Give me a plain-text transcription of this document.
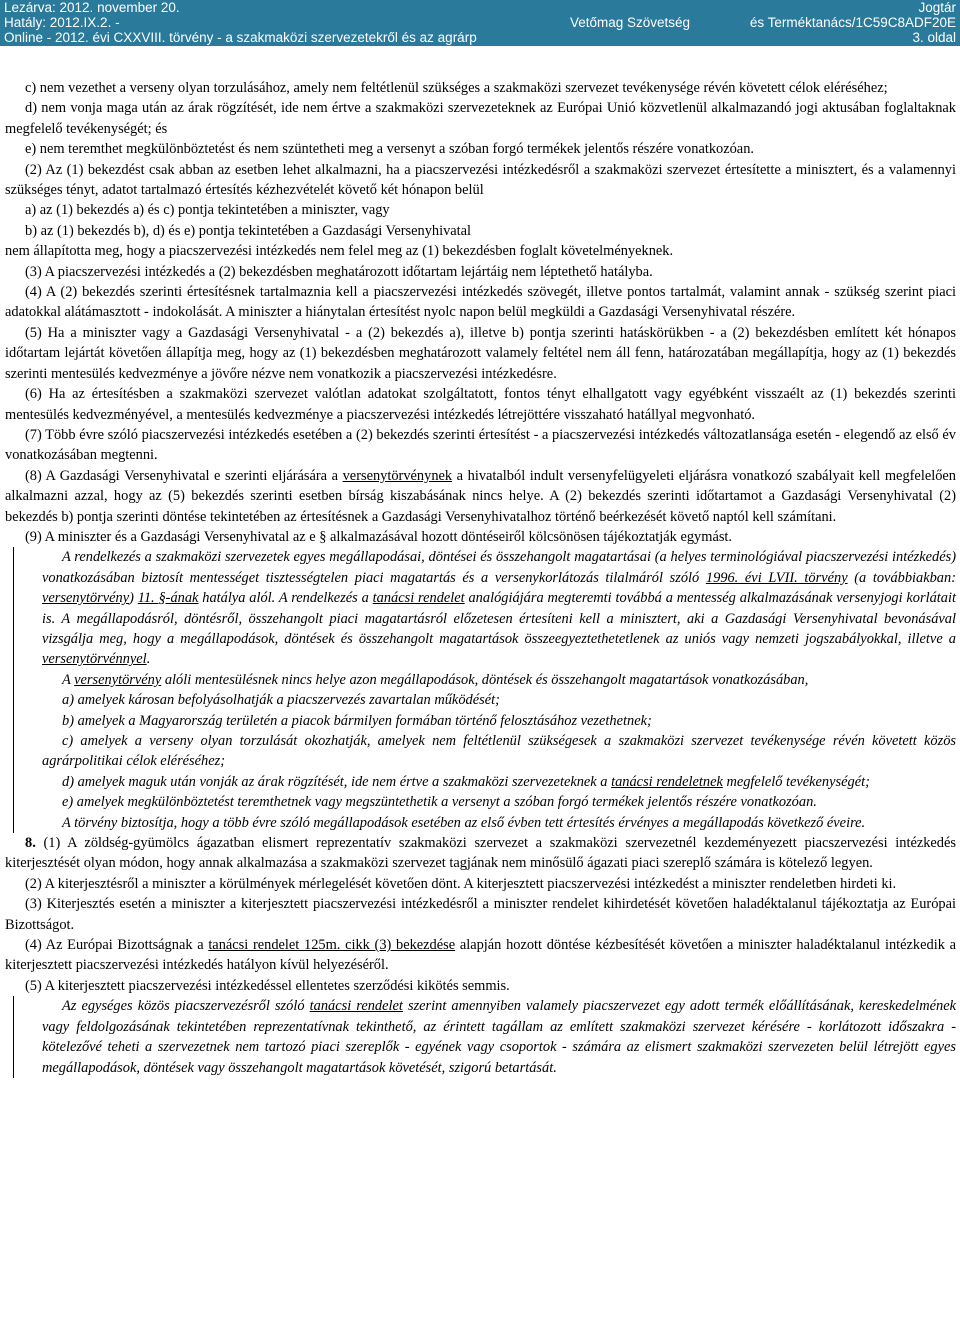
Lezárva: 2012. november 20.
Hatály: 2012.IX.2. -
Online - 2012. évi CXXVIII. törvény - a szakmaközi szervezetekről és az agrárp
Vetőmag Szövetség
Jogtár
és Terméktanács/1C59C8ADF20E
3. oldal

c) nem vezethet a verseny olyan torzulásához, amely nem feltétlenül szükséges a szakmaközi szervezet tevékenysége révén követett célok eléréséhez;

d) nem vonja maga után az árak rögzítését, ide nem értve a szakmaközi szervezeteknek az Európai Unió közvetlenül alkalmazandó jogi aktusában foglaltaknak megfelelő tevékenységét; és

e) nem teremthet megkülönböztetést és nem szüntetheti meg a versenyt a szóban forgó termékek jelentős részére vonatkozóan.

(2) Az (1) bekezdést csak abban az esetben lehet alkalmazni, ha a piacszervezési intézkedésről a szakmaközi szervezet értesítette a minisztert, és a valamennyi szükséges tényt, adatot tartalmazó értesítés kézhezvételét követő két hónapon belül

a) az (1) bekezdés a) és c) pontja tekintetében a miniszter, vagy

b) az (1) bekezdés b), d) és e) pontja tekintetében a Gazdasági Versenyhivatal

nem állapította meg, hogy a piacszervezési intézkedés nem felel meg az (1) bekezdésben foglalt követelményeknek.

(3) A piacszervezési intézkedés a (2) bekezdésben meghatározott időtartam lejártáig nem léptethető hatályba.

(4) A (2) bekezdés szerinti értesítésnek tartalmaznia kell a piacszervezési intézkedés szövegét, illetve pontos tartalmát, valamint annak - szükség szerint piaci adatokkal alátámasztott - indokolását. A miniszter a hiánytalan értesítést nyolc napon belül megküldi a Gazdasági Versenyhivatal részére.

(5) Ha a miniszter vagy a Gazdasági Versenyhivatal - a (2) bekezdés a), illetve b) pontja szerinti hatáskörükben - a (2) bekezdésben említett két hónapos időtartam lejártát követően állapítja meg, hogy az (1) bekezdésben meghatározott valamely feltétel nem áll fenn, határozatában megállapítja, hogy az (1) bekezdés szerinti mentesülés kedvezménye a jövőre nézve nem vonatkozik a piacszervezési intézkedésre.

(6) Ha az értesítésben a szakmaközi szervezet valótlan adatokat szolgáltatott, fontos tényt elhallgatott vagy egyébként visszaélt az (1) bekezdés szerinti mentesülés kedvezményével, a mentesülés kedvezménye a piacszervezési intézkedés létrejöttére visszaható hatállyal megvonható.

(7) Több évre szóló piacszervezési intézkedés esetében a (2) bekezdés szerinti értesítést - a piacszervezési intézkedés változatlansága esetén - elegendő az első év vonatkozásában megtenni.

(8) A Gazdasági Versenyhivatal e szerinti eljárására a versenytörvénynek a hivatalból indult versenyfelügyeleti eljárásra vonatkozó szabályait kell megfelelően alkalmazni azzal, hogy az (5) bekezdés szerinti esetben bírság kiszabásának nincs helye. A (2) bekezdés szerinti időtartamot a Gazdasági Versenyhivatal (2) bekezdés b) pontja szerinti döntése tekintetében az értesítésnek a Gazdasági Versenyhivatalhoz történő beérkezését követő naptól kell számítani.

(9) A miniszter és a Gazdasági Versenyhivatal az e § alkalmazásával hozott döntéseiről kölcsönösen tájékoztatják egymást.

A rendelkezés a szakmaközi szervezetek egyes megállapodásai, döntései és összehangolt magatartásai (a helyes terminológiával piacszervezési intézkedés) vonatkozásában biztosít mentességet tisztességtelen piaci magatartás és a versenykorlátozás tilalmáról szóló 1996. évi LVII. törvény (a továbbiakban: versenytörvény) 11. §-ának hatálya alól. A rendelkezés a tanácsi rendelet analógiájára megteremti továbbá a mentesség alkalmazásának versenyjogi korlátait is. A megállapodásról, döntésről, összehangolt piaci magatartásról előzetesen értesíteni kell a minisztert, aki a Gazdasági Versenyhivatal bevonásával vizsgálja meg, hogy a megállapodások, döntések és összehangolt magatartások összeegyeztethetetlenek az uniós vagy nemzeti jogszabályokkal, illetve a versenytörvénnyel.

A versenytörvény alóli mentesülésnek nincs helye azon megállapodások, döntések és összehangolt magatartások vonatkozásában,

a) amelyek károsan befolyásolhatják a piacszervezés zavartalan működését;

b) amelyek a Magyarország területén a piacok bármilyen formában történő felosztásához vezethetnek;

c) amelyek a verseny olyan torzulását okozhatják, amelyek nem feltétlenül szükségesek a szakmaközi szervezet tevékenysége révén követett közös agrárpolitikai célok eléréséhez;

d) amelyek maguk után vonják az árak rögzítését, ide nem értve a szakmaközi szervezeteknek a tanácsi rendeletnek megfelelő tevékenységét;

e) amelyek megkülönböztetést teremthetnek vagy megszüntethetik a versenyt a szóban forgó termékek jelentős részére vonatkozóan.

A törvény biztosítja, hogy a több évre szóló megállapodások esetében az első évben tett értesítés érvényes a megállapodás következő éveire.

8. (1) A zöldség-gyümölcs ágazatban elismert reprezentatív szakmaközi szervezet a szakmaközi szervezetnél kezdeményezett piacszervezési intézkedés kiterjesztését olyan módon, hogy annak alkalmazása a szakmaközi szervezet tagjának nem minősülő ágazati piaci szereplő számára is kötelező legyen.

(2) A kiterjesztésről a miniszter a körülmények mérlegelését követően dönt. A kiterjesztett piacszervezési intézkedést a miniszter rendeletben hirdeti ki.

(3) Kiterjesztés esetén a miniszter a kiterjesztett piacszervezési intézkedésről a miniszter rendelet kihirdetését követően haladéktalanul tájékoztatja az Európai Bizottságot.

(4) Az Európai Bizottságnak a tanácsi rendelet 125m. cikk (3) bekezdése alapján hozott döntése kézbesítését követően a miniszter haladéktalanul intézkedik a kiterjesztett piacszervezési intézkedés hatályon kívül helyezéséről.

(5) A kiterjesztett piacszervezési intézkedéssel ellentetes szerződési kikötés semmis.

Az egységes közös piacszervezésről szóló tanácsi rendelet szerint amennyiben valamely piacszervezet egy adott termék előállításának, kereskedelmének vagy feldolgozásának tekintetében reprezentatívnak tekinthető, az érintett tagállam az említett szakmaközi szervezet kérésére - korlátozott időszakra - kötelezővé teheti a szervezetnek nem tartozó piaci szereplők - egyének vagy csoportok - számára az elismert szakmaközi szervezeten belül létrejött egyes megállapodások, döntések vagy összehangolt magatartások követését, szigorú betartását.
